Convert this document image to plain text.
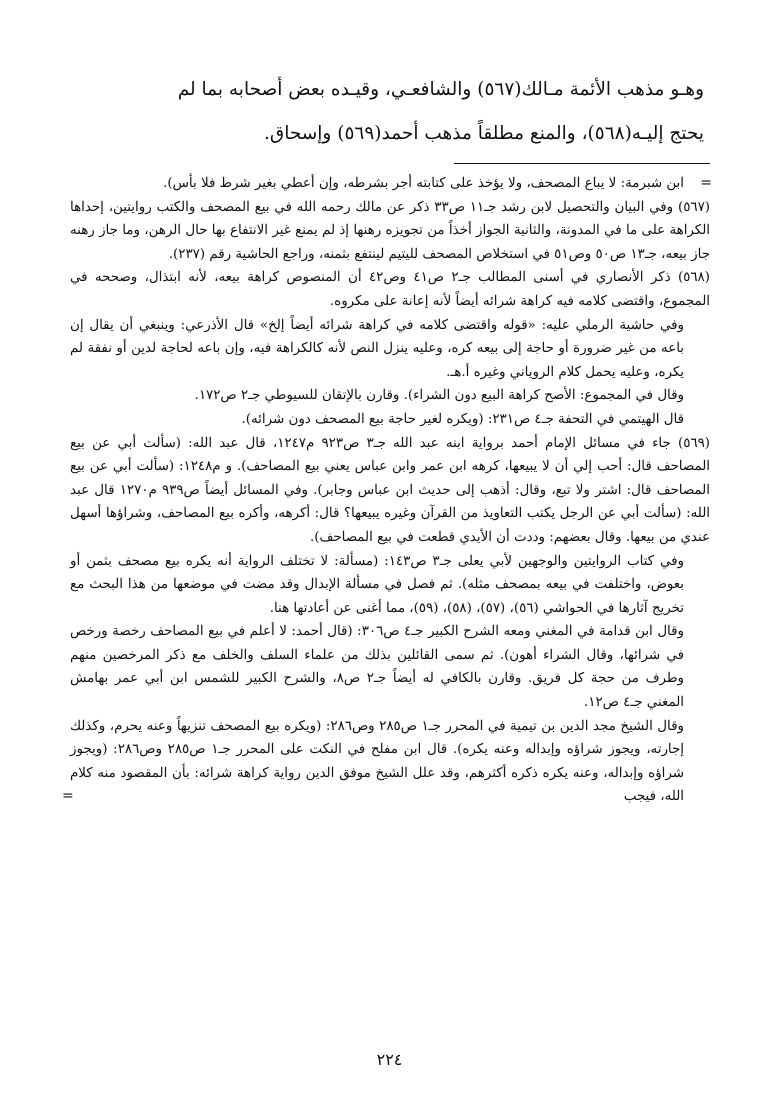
وهـو مذهب الأئمة مـالك(٥٦٧) والشافعـي، وقيـده بعض أصحابه بما لم

يحتج إليـه(٥٦٨)، والمنع مطلقاً مذهب أحمد(٥٦٩) وإسحاق.

=

ابن شبرمة: لا يباع المصحف، ولا يؤخذ على كتابته أجر بشرطه، وإن أعطي بغير شرط فلا بأس).

(٥٦٧) وفي البيان والتحصيل لابن رشد جـ١١ ص٣٣ ذكر عن مالك رحمه الله في بيع المصحف والكتب روايتين، إحداها الكراهة على ما في المدونة، والثانية الجواز أخذاً من تجويزه رهنها إذ لم يمنع غير الانتفاع بها حال الرهن، وما جاز رهنه جاز بيعه، جـ١٣ ص٥٠ وص٥١ في استخلاص المصحف لليتيم لينتفع بثمنه، وراجع الحاشية رقم (٢٣٧).

(٥٦٨) ذكر الأنصاري في أسنى المطالب جـ٢ ص٤١ وص٤٢ أن المنصوص كراهة بيعه، لأنه ابتذال، وصححه في المجموع، واقتضى كلامه فيه كراهة شرائه أيضاً لأنه إعانة على مكروه.

وفي حاشية الرملي عليه: «قوله واقتضى كلامه في كراهة شرائه أيضاً إلخ» قال الأذرعي: وينبغي أن يقال إن باعه من غير ضرورة أو حاجة إلى بيعه كره، وعليه ينزل النص لأنه كالكراهة فيه، وإن باعه لحاجة لدين أو نفقة لم يكره، وعليه يحمل كلام الروياني وغيره أ.هـ.

وقال في المجموع: الأصح كراهة البيع دون الشراء). وقارن بالإتقان للسيوطي جـ٢ ص١٧٢.

قال الهيتمي في التحفة جـ٤ ص٢٣١: (ويكره لغير حاجة بيع المصحف دون شرائه).

(٥٦٩) جاء في مسائل الإمام أحمد برواية ابنه عبد الله جـ٣ ص٩٢٣ م١٢٤٧، قال عبد الله: (سألت أبي عن بيع المصاحف قال: أحب إلي أن لا يبيعها، كرهه ابن عمر وابن عباس يعني بيع المصاحف). و م١٢٤٨: (سألت أبي عن بيع المصاحف قال: اشتر ولا تبع، وقال: أذهب إلى حديث ابن عباس وجابر). وفي المسائل أيضاً ص٩٣٩ م١٢٧٠ قال عبد الله: (سألت أبي عن الرجل يكتب التعاويذ من القرآن وغيره يبيعها؟ قال: أكرهه، وأكره بيع المصاحف، وشراؤها أسهل عندي من بيعها. وقال بعضهم: وددت أن الأيدي قطعت في بيع المصاحف).

وفي كتاب الروايتين والوجهين لأبي يعلى جـ٣ ص١٤٣: (مسألة: لا تختلف الرواية أنه يكره بيع مصحف بثمن أو بعوض، واختلفت في بيعه بمصحف مثله). ثم فصل في مسألة الإبدال وقد مضت في موضعها من هذا البحث مع تخريج آثارها في الحواشي (٥٦)، (٥٧)، (٥٨)، (٥٩)، مما أغنى عن أعادتها هنا.

وقال ابن قدامة في المغني ومعه الشرح الكبير جـ٤ ص٣٠٦: (قال أحمد: لا أعلم في بيع المصاحف رخصة ورخص في شرائها، وقال الشراء أهون). ثم سمى القائلين بذلك من علماء السلف والخلف مع ذكر المرخصين منهم وطرف من حجة كل فريق. وقارن بالكافي له أيضاً جـ٢ ص٨، والشرح الكبير للشمس ابن أبي عمر بهامش المغني جـ٤ ص١٢.

وقال الشيخ مجد الدين بن تيمية في المحرر جـ١ ص٢٨٥ وص٢٨٦: (ويكره بيع المصحف تنزيهاً وعنه يحرم، وكذلك إجارته، ويجوز شراؤه وإبداله وعنه يكره). قال ابن مفلح في النكت على المحرر جـ١ ص٢٨٥ وص٢٨٦: (ويجوز شراؤه وإبداله، وعنه يكره ذكره أكثرهم، وقد علل الشيخ موفق الدين رواية كراهة شرائه: بأن المقصود منه كلام الله، فيجب

=
٢٢٤
